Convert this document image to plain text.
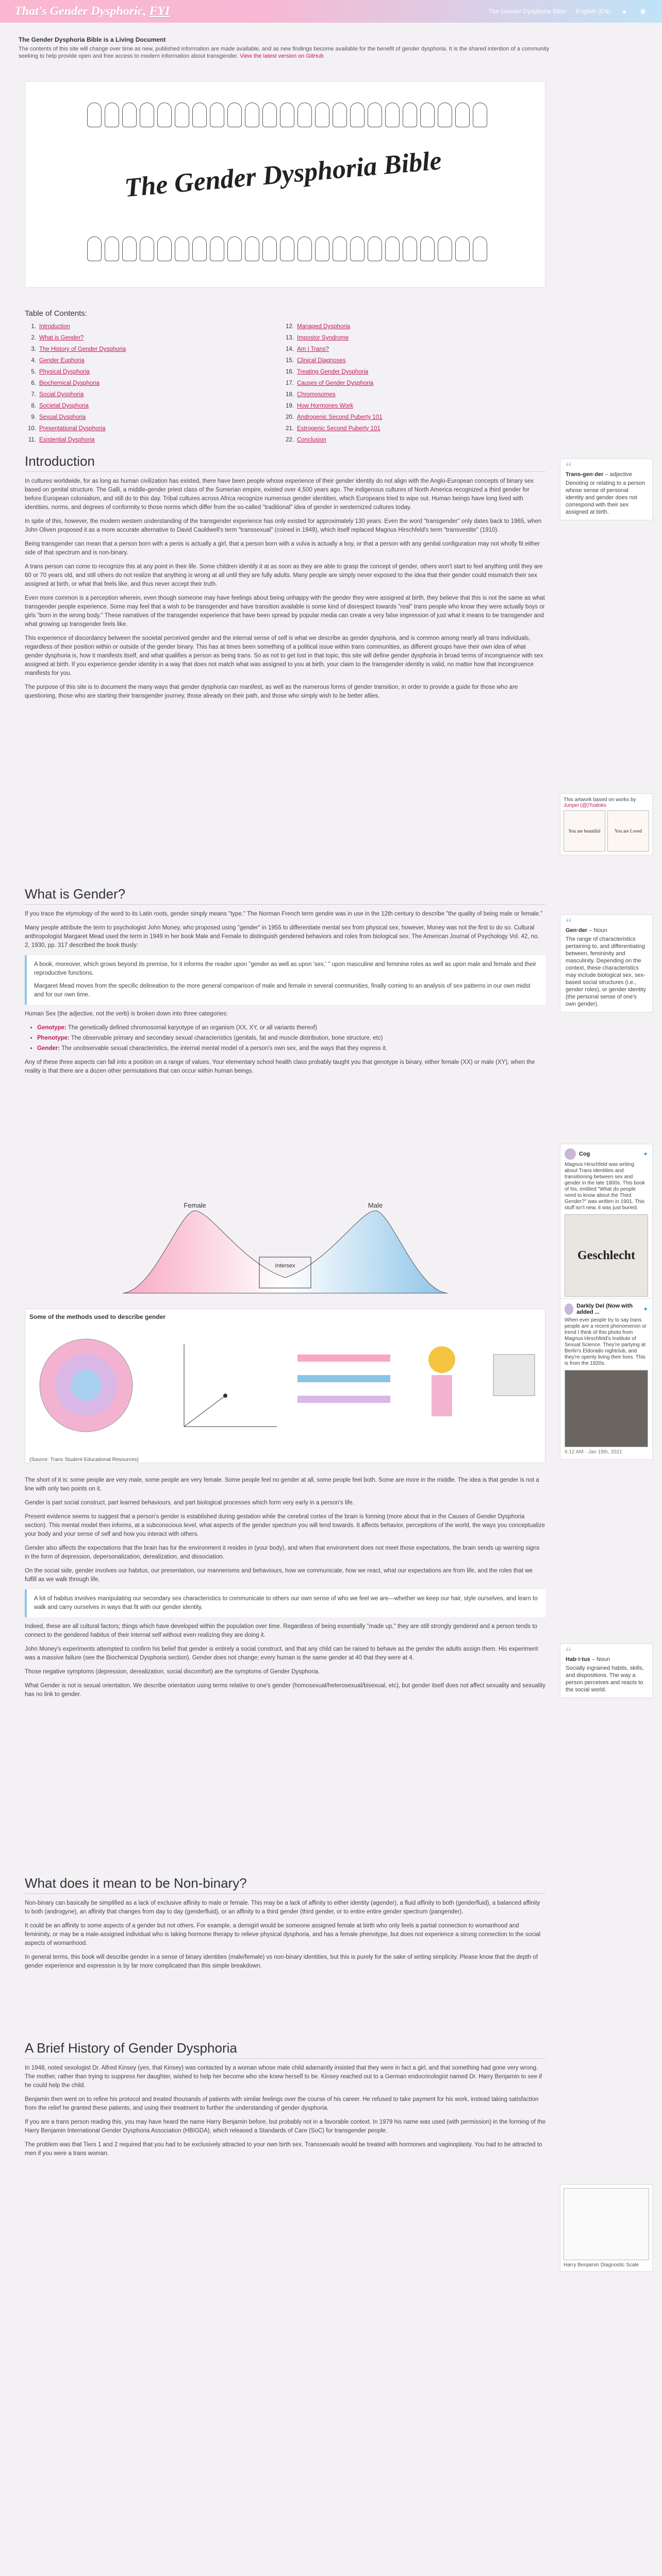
That's Gender Dysphoric, FYI	The Gender Dysphoria Bible English (EN)	●	◉
The Gender Dysphoria Bible is a Living Document
The contents of this site will change over time as new, published information are made available, and as new findings become available for the benefit of gender dysphoria. It is the shared intention of a community seeking to help provide open and free access to modern information about transgender. View the latest version on GitHub
The Gender Dysphoria Bible
Table of Contents:
1. Introduction
2. What is Gender?
3. The History of Gender Dysphoria
4. Gender Euphoria
5. Physical Dysphoria
6. Biochemical Dysphoria
7. Social Dysphoria
8. Societal Dysphoria
9. Sexual Dysphoria
10. Presentational Dysphoria
11. Existential Dysphoria
12. Managed Dysphoria
13. Impostor Syndrome
14. Am I Trans?
15. Clinical Diagnoses
16. Treating Gender Dysphoria
17. Causes of Gender Dysphoria
18. Chromosomes
19. How Hormones Work
20. Androgenic Second Puberty 101
21. Estrogenic Second Puberty 101
22. Conclusion
Introduction

In cultures worldwide, for as long as human civilization has existed, there have been people whose experience of their gender identity do not align with the Anglo-European concepts of binary sex based on genital structure. The Galli, a middle-gender priest class of the Sumerian empire, existed over 4,500 years ago. The indigenous cultures of North America recognized a third gender for before European colonialism, and still do to this day. Tribal cultures across Africa recognize numerous gender identities, which Europeans tried to wipe out. Human beings have long lived with identities, norms, and degrees of conformity to those norms which differ from the so-called "traditional" idea of gender in westernized cultures today.

In spite of this, however, the modern western understanding of the transgender experience has only existed for approximately 130 years. Even the word "transgender" only dates back to 1965, when John Oliven proposed it as a more accurate alternative to David Cauldwell's term "transsexual" (coined in 1949), which itself replaced Magnus Hirschfeld's term "transvestite" (1910).

Being transgender can mean that a person born with a penis is actually a girl, that a person born with a vulva is actually a boy, or that a person with any genital configuration may not wholly fit either side of that spectrum and is non-binary.

A trans person can come to recognize this at any point in their life. Some children identify it at as soon as they are able to grasp the concept of gender, others won't start to feel anything until they are 60 or 70 years old, and still others do not realize that anything is wrong at all until they are fully adults. Many people are simply never exposed to the idea that their gender could mismatch their sex assigned at birth, or what that feels like, and thus never accept their truth.

Even more common is a perception wherein, even though someone may have feelings about being unhappy with the gender they were assigned at birth, they believe that this is not the same as what transgender people experience. Some may feel that a wish to be transgender and have transition available is some kind of disrespect towards "real" trans people who know they were actually boys or girls "born in the wrong body." These narratives of the transgender experience that have been spread by popular media can create a very false impression of just what it means to be transgender and what growing up transgender feels like.

This experience of discordancy between the societal perceived gender and the internal sense of self is what we describe as gender dysphoria, and is common among nearly all trans individuals, regardless of their position within or outside of the gender binary. This has at times been something of a political issue within trans communities, as different groups have their own idea of what gender dysphoria is, how it manifests itself, and what qualifies a person as being trans. So as not to get lost in that topic, this site will define gender dysphoria in broad terms of incongruence with sex assigned at birth. If you experience gender identity in a way that does not match what was assigned to you at birth, your claim to the transgender identity is valid, no matter how that incongruence manifests for you.

The purpose of this site is to document the many ways that gender dysphoria can manifest, as well as the numerous forms of gender transition, in order to provide a guide for those who are questioning, those who are starting their transgender journey, those already on their path, and those who simply wish to be better allies.

“
Trans-gen·der – adjective

Denoting or relating to a person whose sense of personal identity and gender does not correspond with their sex assigned at birth.

This artwork based on works by Junpei (@)Toaloks
You are beautiful	You are Loved
What is Gender?

If you trace the etymology of the word to its Latin roots, gender simply means "type." The Norman French term gendre was in use in the 12th century to describe "the quality of being male or female."

Many people attribute the term to psychologist John Money, who proposed using "gender" in 1955 to differentiate mental sex from physical sex, however, Money was not the first to do so. Cultural anthropologist Margaret Mead used the term in 1949 in her book Male and Female to distinguish gendered behaviors and roles from biological sex. The American Journal of Psychology Vol. 42, no. 2, 1930, pp. 317 described the book thusly:

A book, moreover, which grows beyond its premise, for it informs the reader upon "gender as well as upon 'sex,' " upon masculine and feminine roles as well as upon male and female and their reproductive functions.

Margaret Mead moves from the specific delineation to the more general comparison of male and female in several communities, finally coming to an analysis of sex patterns in our own midst and for our own time.

Human Sex (the adjective, not the verb) is broken down into three categories:

• Genotype: The genetically defined chromosomal karyotype of an organism (XX, XY, or all variants thereof)
• Phenotype: The observable primary and secondary sexual characteristics (genitals, fat and muscle distribution, bone structure, etc)
• Gender: The unobservable sexual characteristics, the internal mental model of a person's own sex, and the ways that they express it.

Any of these three aspects can fall into a position on a range of values. Your elementary school health class probably taught you that genotype is binary, either female (XX) or male (XY), when the reality is that there are a dozen other permutations that can occur within human beings.

“
Gen·der – Noun

The range of characteristics pertaining to, and differentiating between, femininity and masculinity. Depending on the context, these characteristics may include biological sex, sex-based social structures (i.e., gender roles), or gender identity (the personal sense of one's own gender).

Female	Male
Intersex
Cog	✦
Magnus Hirschfeld was writing about Trans identities and transitioning between sex and gender in the late 1800s. This book of his, entitled "What do people need to know about the Third Gender?" was written in 1901. This stuff isn't new, it was just buried.
Geschlecht
Darkly Del (Now with added ...	✦
When ever people try to say trans people are a recent phenomenon or trend I think of this photo from Magnus Hirschfeld's Institute of Sexual Science. They're partying at Berlin's Eldorado nightclub, and they're openly living their lives. This is from the 1920s.
6:12 AM · Jan 19th, 2021
Some of the methods used to describe gender
(Source: Trans Student Educational Resources)

The short of it is: some people are very male, some people are very female. Some people feel no gender at all, some people feel both. Some are more in the middle. The idea is that gender is not a line with only two points on it.

Gender is part social construct, part learned behaviours, and part biological processes which form very early in a person's life.

Present evidence seems to suggest that a person's gender is established during gestation while the cerebral cortex of the brain is forming (more about that in the Causes of Gender Dysphoria section). This mental model then informs, at a subconscious level, what aspects of the gender spectrum you will tend towards. It affects behavior, perceptions of the world, the ways you conceptualize your body and your sense of self and how you interact with others.

Gender also affects the expectations that the brain has for the environment it resides in (your body), and when that environment does not meet those expectations, the brain sends up warning signs in the form of depression, depersonalization, derealization, and dissociation.

On the social side, gender involves our habitus, our presentation, our mannerisms and behaviours, how we communicate, how we react, what our expectations are from life, and the roles that we fulfill as we walk through life.

A lot of habitus involves manipulating our secondary sex characteristics to communicate to others our own sense of who we feel we are—whether we keep our hair, style ourselves, and learn to walk and carry ourselves in ways that fit with our gender identity.

Indeed, these are all cultural factors; things which have developed within the population over time. Regardless of being essentially "made up," they are still strongly gendered and a person tends to connect to the gendered habitus of their internal self without even realizing they are doing it.

John Money's experiments attempted to confirm his belief that gender is entirely a social construct, and that any child can be raised to behave as the gender the adults assign them. His experiment was a massive failure (see the Biochemical Dysphoria section). Gender does not change; every human is the same gender at 40 that they were at 4.

Those negative symptoms (depression, derealization, social discomfort) are the symptoms of Gender Dysphoria.

What Gender is not is sexual orientation. We describe orientation using terms relative to one's gender (homosexual/heterosexual/bisexual, etc), but gender itself does not affect sexuality and sexuality has no link to gender.

“
Hab·i·tus – Noun

Socially ingrained habits, skills, and dispositions. The way a person perceives and reacts to the social world.

What does it mean to be Non-binary?

Non-binary can basically be simplified as a lack of exclusive affinity to male or female. This may be a lack of affinity to either identity (agender), a fluid affinity to both (genderfluid), a balanced affinity to both (androgyne), an affinity that changes from day to day (genderfluid), or an affinity to a third gender (third gender, or to entire entire gender spectrum (pangender).

It could be an affinity to some aspects of a gender but not others. For example, a demigirl would be someone assigned female at birth who only feels a partial connection to womanhood and femininity, or may be a male-assigned individual who is taking hormone therapy to relieve physical dysphoria, and has a female phenotype, but does not experience a strong connection to the social aspects of womanhood.

In general terms, this book will describe gender in a sense of binary identities (male/female) vs non-binary identities, but this is purely for the sake of writing simplicity. Please know that the depth of gender experience and expression is by far more complicated than this simple breakdown.

A Brief History of Gender Dysphoria

In 1948, noted sexologist Dr. Alfred Kinsey (yes, that Kinsey) was contacted by a woman whose male child adamantly insisted that they were in fact a girl, and that something had gone very wrong. The mother, rather than trying to suppress her daughter, wished to help her become who she knew herself to be. Kinsey reached out to a German endocrinologist named Dr. Harry Benjamin to see if he could help the child.

Benjamin then went on to refine his protocol and treated thousands of patients with similar feelings over the course of his career. He refused to take payment for his work, instead taking satisfaction from the relief he granted these patients, and using their treatment to further the understanding of gender dysphoria.

If you are a trans person reading this, you may have heard the name Harry Benjamin before, but probably not in a favorable context. In 1979 his name was used (with permission) in the forming of the Harry Benjamin International Gender Dysphoria Association (HBIGDA), which released a Standards of Care (SoC) for transgender people.

The problem was that Tiers 1 and 2 required that you had to be exclusively attracted to your own birth sex. Transsexuals would be treated with hormones and vaginoplasty. You had to be attracted to men if you were a trans woman.

Harry Benjamin Diagnostic Scale
